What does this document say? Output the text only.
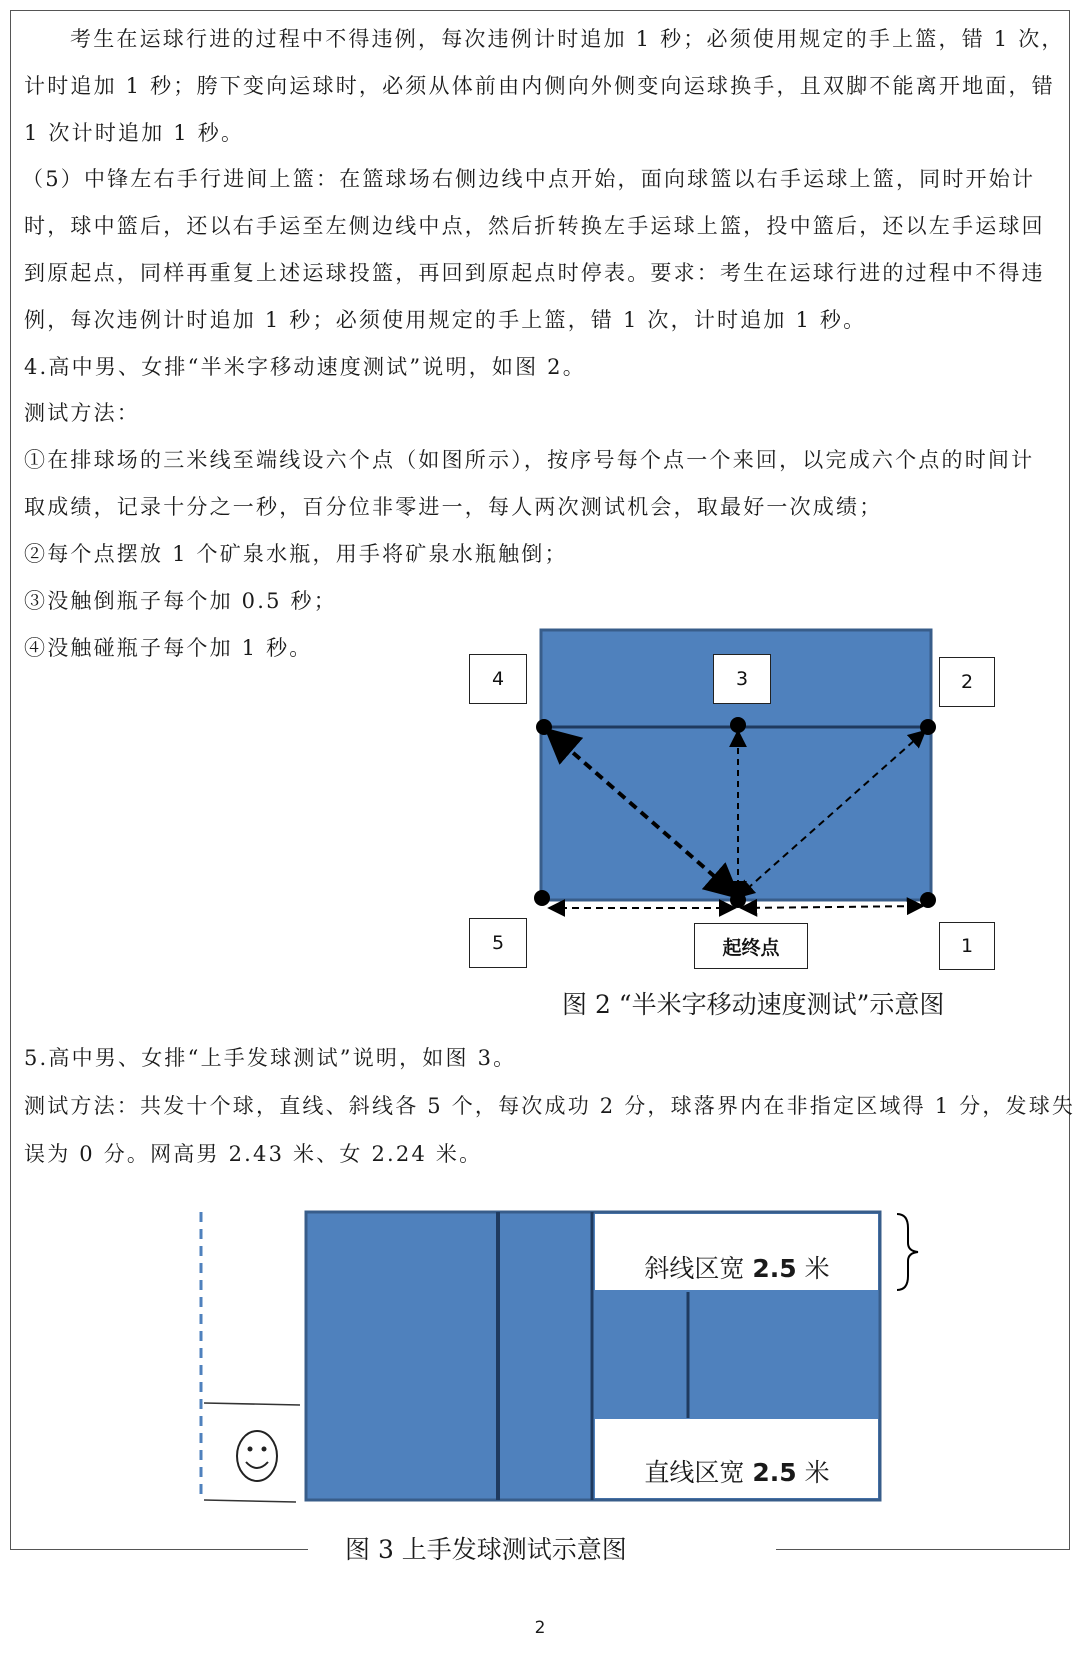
考生在运球行进的过程中不得违例，每次违例计时追加 1 秒；必须使用规定的手上篮，错 1 次，

计时追加 1 秒；胯下变向运球时，必须从体前由内侧向外侧变向运球换手，且双脚不能离开地面，错

1 次计时追加 1 秒。

（5）中锋左右手行进间上篮：在篮球场右侧边线中点开始，面向球篮以右手运球上篮，同时开始计

时，球中篮后，还以右手运至左侧边线中点，然后折转换左手运球上篮，投中篮后，还以左手运球回

到原起点，同样再重复上述运球投篮，再回到原起点时停表。要求：考生在运球行进的过程中不得违

例，每次违例计时追加 1 秒；必须使用规定的手上篮，错 1 次，计时追加 1 秒。

4.高中男、女排“半米字移动速度测试”说明，如图 2。

测试方法：

①在排球场的三米线至端线设六个点（如图所示），按序号每个点一个来回，以完成六个点的时间计

取成绩，记录十分之一秒，百分位非零进一，每人两次测试机会，取最好一次成绩；

②每个点摆放 1 个矿泉水瓶，用手将矿泉水瓶触倒；

③没触倒瓶子每个加 0.5 秒；

④没触碰瓶子每个加 1 秒。

4	3	2
5	起终点	1

图 2 “半米字移动速度测试”示意图

5.高中男、女排“上手发球测试”说明，如图 3。

测试方法：共发十个球，直线、斜线各 5 个，每次成功 2 分，球落界内在非指定区域得 1 分，发球失

误为 0 分。网高男 2.43 米、女 2.24 米。

斜线区宽 2.5 米

直线区宽 2.5 米

图 3 上手发球测试示意图

2
